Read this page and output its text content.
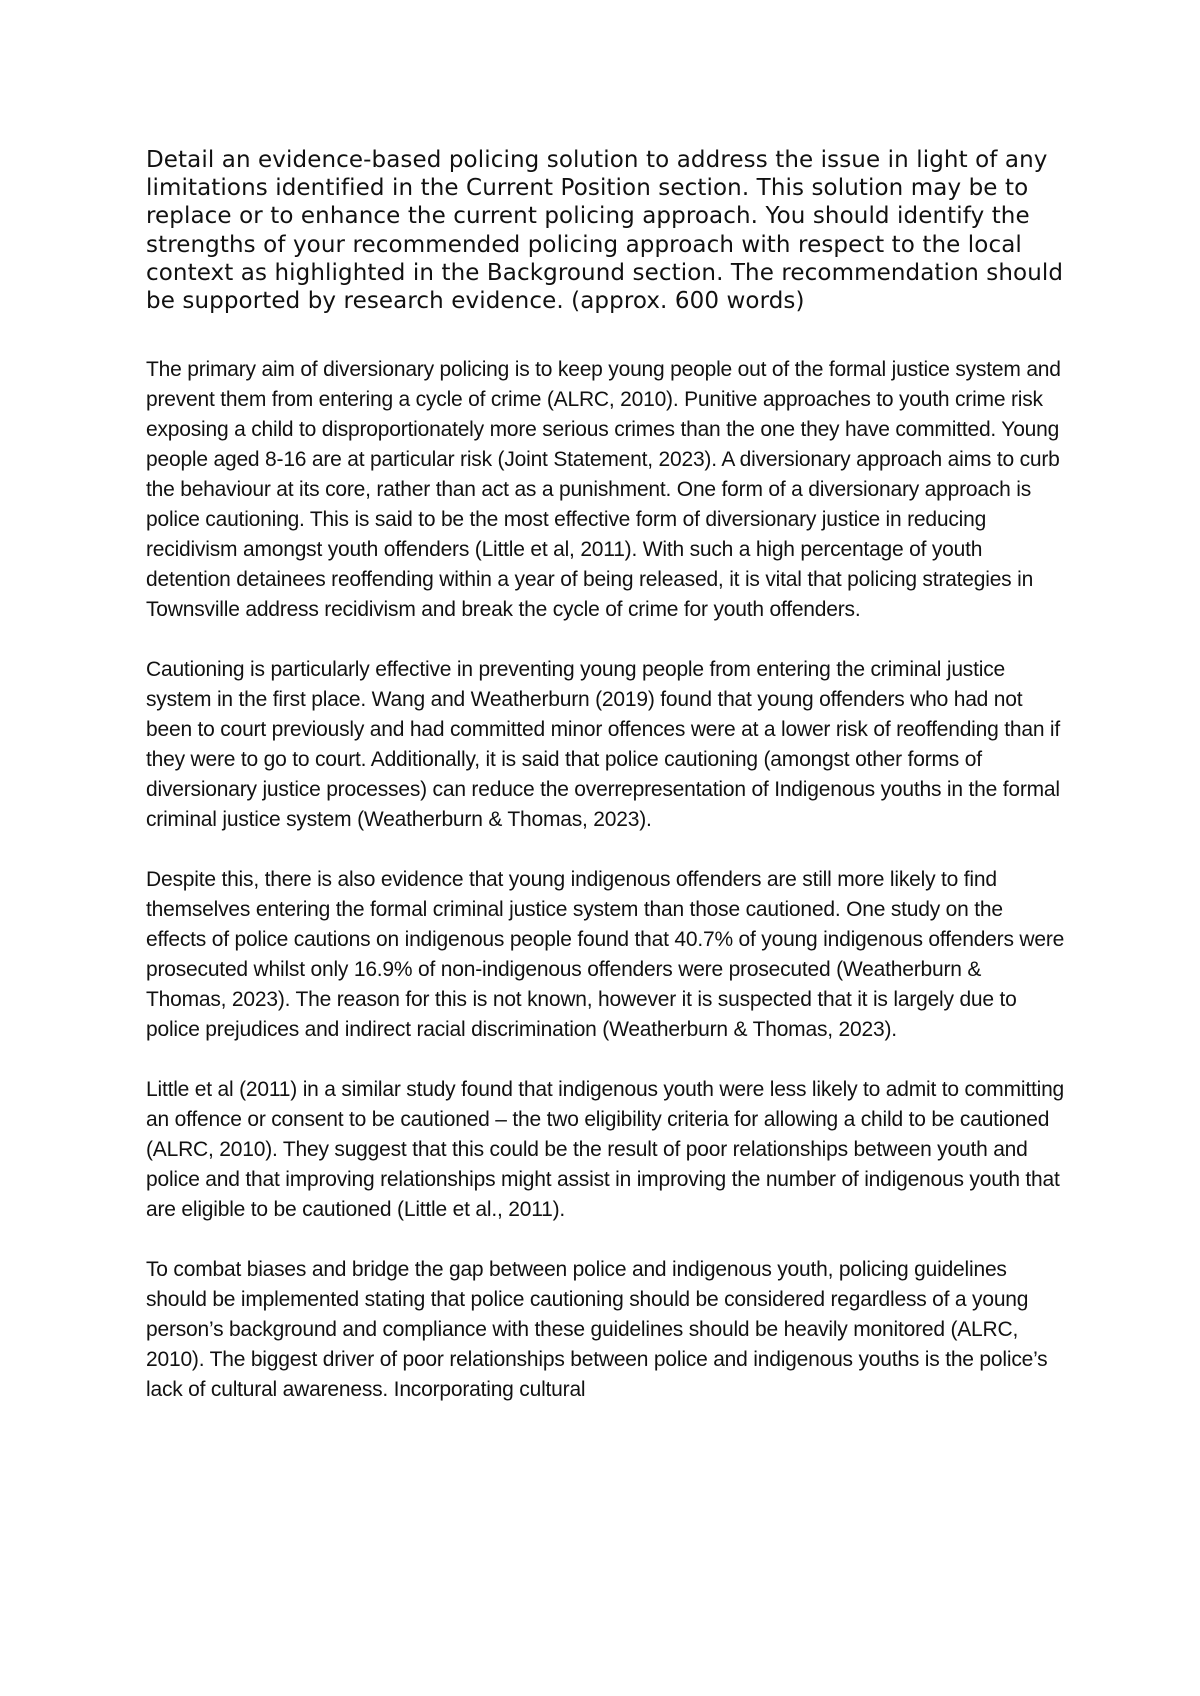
Detail an evidence-based policing solution to address the issue in light of any limitations identified in the Current Position section. This solution may be to replace or to enhance the current policing approach. You should identify the strengths of your recommended policing approach with respect to the local context as highlighted in the Background section. The recommendation should be supported by research evidence. (approx. 600 words)

The primary aim of diversionary policing is to keep young people out of the formal justice system and prevent them from entering a cycle of crime (ALRC, 2010). Punitive approaches to youth crime risk exposing a child to disproportionately more serious crimes than the one they have committed. Young people aged 8-16 are at particular risk (Joint Statement, 2023). A diversionary approach aims to curb the behaviour at its core, rather than act as a punishment. One form of a diversionary approach is police cautioning. This is said to be the most effective form of diversionary justice in reducing recidivism amongst youth offenders (Little et al, 2011). With such a high percentage of youth detention detainees reoffending within a year of being released, it is vital that policing strategies in Townsville address recidivism and break the cycle of crime for youth offenders.

Cautioning is particularly effective in preventing young people from entering the criminal justice system in the first place. Wang and Weatherburn (2019) found that young offenders who had not been to court previously and had committed minor offences were at a lower risk of reoffending than if they were to go to court. Additionally, it is said that police cautioning (amongst other forms of diversionary justice processes) can reduce the overrepresentation of Indigenous youths in the formal criminal justice system (Weatherburn & Thomas, 2023).

Despite this, there is also evidence that young indigenous offenders are still more likely to find themselves entering the formal criminal justice system than those cautioned. One study on the effects of police cautions on indigenous people found that 40.7% of young indigenous offenders were prosecuted whilst only 16.9% of non-indigenous offenders were prosecuted (Weatherburn & Thomas, 2023). The reason for this is not known, however it is suspected that it is largely due to police prejudices and indirect racial discrimination (Weatherburn & Thomas, 2023).

Little et al (2011) in a similar study found that indigenous youth were less likely to admit to committing an offence or consent to be cautioned – the two eligibility criteria for allowing a child to be cautioned (ALRC, 2010). They suggest that this could be the result of poor relationships between youth and police and that improving relationships might assist in improving the number of indigenous youth that are eligible to be cautioned (Little et al., 2011).

To combat biases and bridge the gap between police and indigenous youth, policing guidelines should be implemented stating that police cautioning should be considered regardless of a young person’s background and compliance with these guidelines should be heavily monitored (ALRC, 2010). The biggest driver of poor relationships between police and indigenous youths is the police’s lack of cultural awareness. Incorporating cultural
